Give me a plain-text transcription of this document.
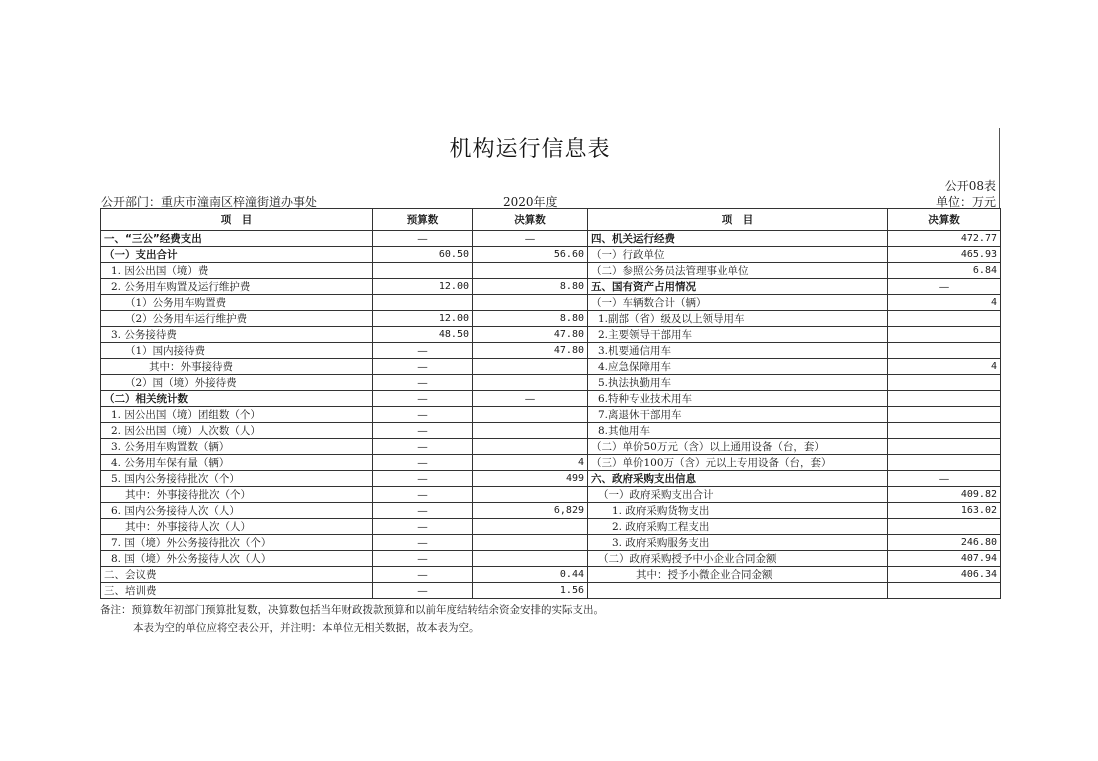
机构运行信息表
公开08表
公开部门：重庆市潼南区梓潼街道办事处	2020年度	单位：万元
项　目	预算数	决算数	项　目	决算数
一、“三公”经费支出	—	—	四、机关运行经费	472.77
（一）支出合计	60.50	56.60	（一）行政单位	465.93
1. 因公出国（境）费			（二）参照公务员法管理事业单位	6.84
2. 公务用车购置及运行维护费	12.00	8.80	五、国有资产占用情况	—
（1）公务用车购置费			（一）车辆数合计（辆）	4
（2）公务用车运行维护费	12.00	8.80	1.副部（省）级及以上领导用车	
3. 公务接待费	48.50	47.80	2.主要领导干部用车	
（1）国内接待费	—	47.80	3.机要通信用车	
其中：外事接待费	—		4.应急保障用车	4
（2）国（境）外接待费	—		5.执法执勤用车	
（二）相关统计数	—	—	6.特种专业技术用车	
1. 因公出国（境）团组数（个）	—		7.离退休干部用车	
2. 因公出国（境）人次数（人）	—		8.其他用车	
3. 公务用车购置数（辆）	—		（二）单价50万元（含）以上通用设备（台，套）	
4. 公务用车保有量（辆）	—	4	（三）单价100万（含）元以上专用设备（台，套）	
5. 国内公务接待批次（个）	—	499	六、政府采购支出信息	—
其中：外事接待批次（个）	—		（一）政府采购支出合计	409.82
6. 国内公务接待人次（人）	—	6,829	1. 政府采购货物支出	163.02
其中：外事接待人次（人）	—		2. 政府采购工程支出	
7. 国（境）外公务接待批次（个）	—		3. 政府采购服务支出	246.80
8. 国（境）外公务接待人次（人）	—		（二）政府采购授予中小企业合同金额	407.94
二、会议费	—	0.44	其中：授予小微企业合同金额	406.34
三、培训费	—	1.56		
备注：预算数年初部门预算批复数，决算数包括当年财政拨款预算和以前年度结转结余资金安排的实际支出。
本表为空的单位应将空表公开，并注明：本单位无相关数据，故本表为空。
